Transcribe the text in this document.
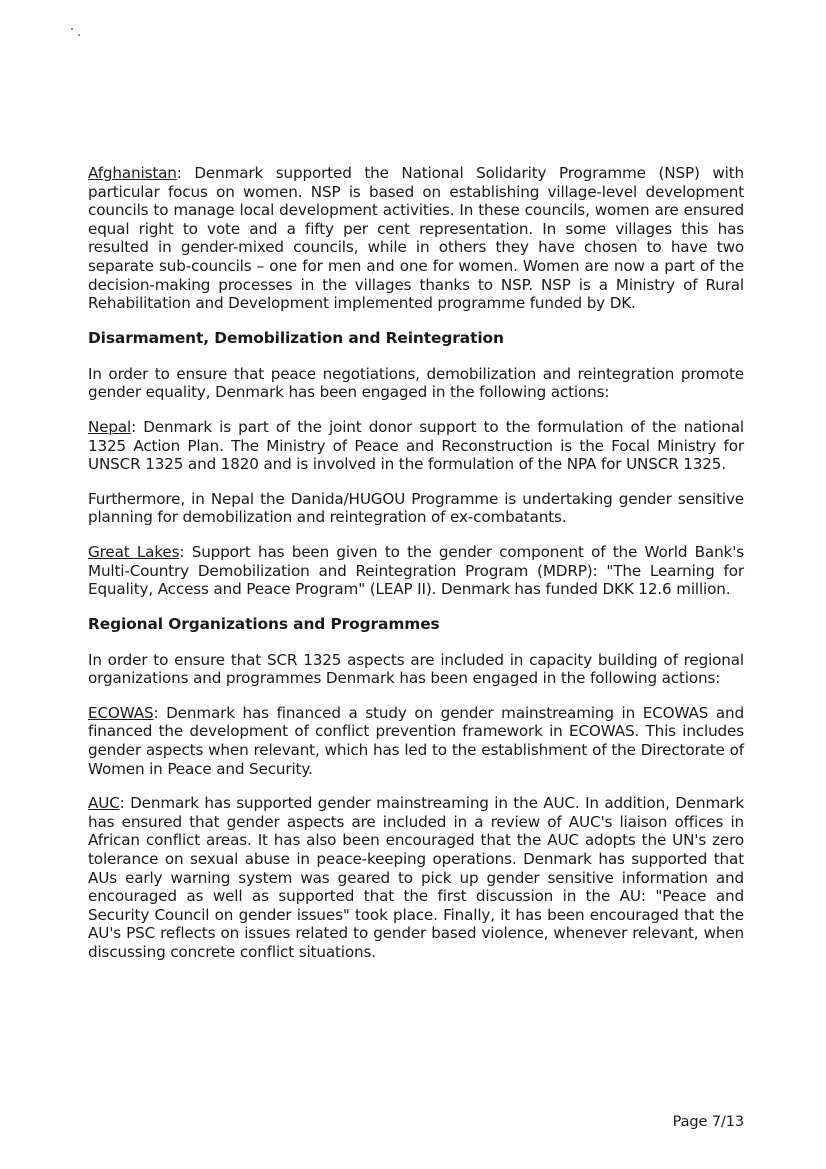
Afghanistan: Denmark supported the National Solidarity Programme (NSP) with particular focus on women. NSP is based on establishing village-level development councils to manage local development activities. In these councils, women are ensured equal right to vote and a fifty per cent representation. In some villages this has resulted in gender-mixed councils, while in others they have chosen to have two separate sub-councils – one for men and one for women. Women are now a part of the decision-making processes in the villages thanks to NSP. NSP is a Ministry of Rural Rehabilitation and Development implemented programme funded by DK.

Disarmament, Demobilization and Reintegration

In order to ensure that peace negotiations, demobilization and reintegration promote gender equality, Denmark has been engaged in the following actions:

Nepal: Denmark is part of the joint donor support to the formulation of the national 1325 Action Plan. The Ministry of Peace and Reconstruction is the Focal Ministry for UNSCR 1325 and 1820 and is involved in the formulation of the NPA for UNSCR 1325.

Furthermore, in Nepal the Danida/HUGOU Programme is undertaking gender sensitive planning for demobilization and reintegration of ex-combatants.

Great Lakes: Support has been given to the gender component of the World Bank's Multi-Country Demobilization and Reintegration Program (MDRP): "The Learning for Equality, Access and Peace Program" (LEAP II). Denmark has funded DKK 12.6 million.

Regional Organizations and Programmes

In order to ensure that SCR 1325 aspects are included in capacity building of regional organizations and programmes Denmark has been engaged in the following actions:

ECOWAS: Denmark has financed a study on gender mainstreaming in ECOWAS and financed the development of conflict prevention framework in ECOWAS. This includes gender aspects when relevant, which has led to the establishment of the Directorate of Women in Peace and Security.

AUC: Denmark has supported gender mainstreaming in the AUC. In addition, Denmark has ensured that gender aspects are included in a review of AUC's liaison offices in African conflict areas. It has also been encouraged that the AUC adopts the UN's zero tolerance on sexual abuse in peace-keeping operations. Denmark has supported that AUs early warning system was geared to pick up gender sensitive information and encouraged as well as supported that the first discussion in the AU: "Peace and Security Council on gender issues" took place. Finally, it has been encouraged that the AU's PSC reflects on issues related to gender based violence, whenever relevant, when discussing concrete conflict situations.

Page 7/13
